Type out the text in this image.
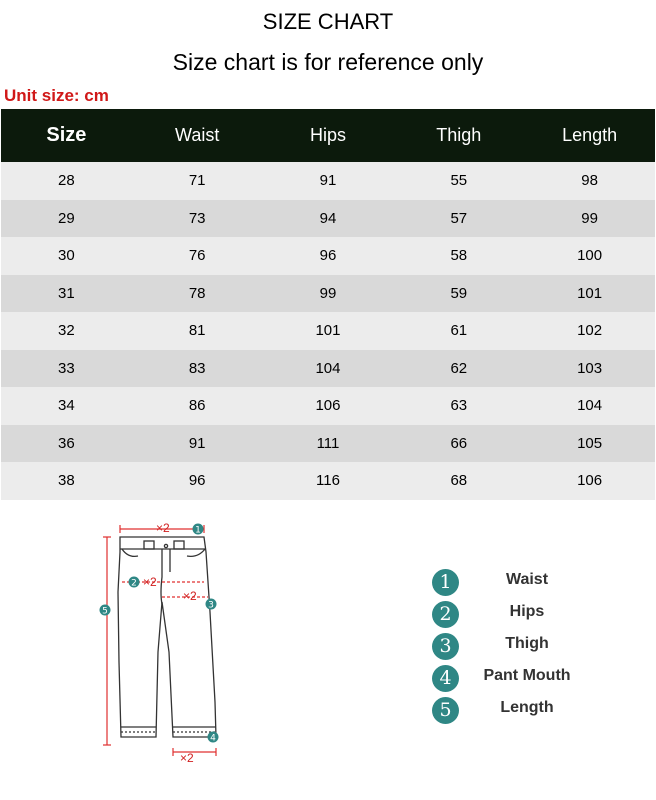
SIZE CHART
Size chart is for reference only
Unit size: cm
Size	Waist	Hips	Thigh	Length
28	71	91	55	98
29	73	94	57	99
30	76	96	58	100
31	78	99	59	101
32	81	101	61	102
33	83	104	62	103
34	86	106	63	104
36	91	111	66	105
38	96	116	68	106
×2
×2
×2
×2
1
2
3
4
5
1	Waist
2	Hips
3	Thigh
4	Pant Mouth
5	Length
